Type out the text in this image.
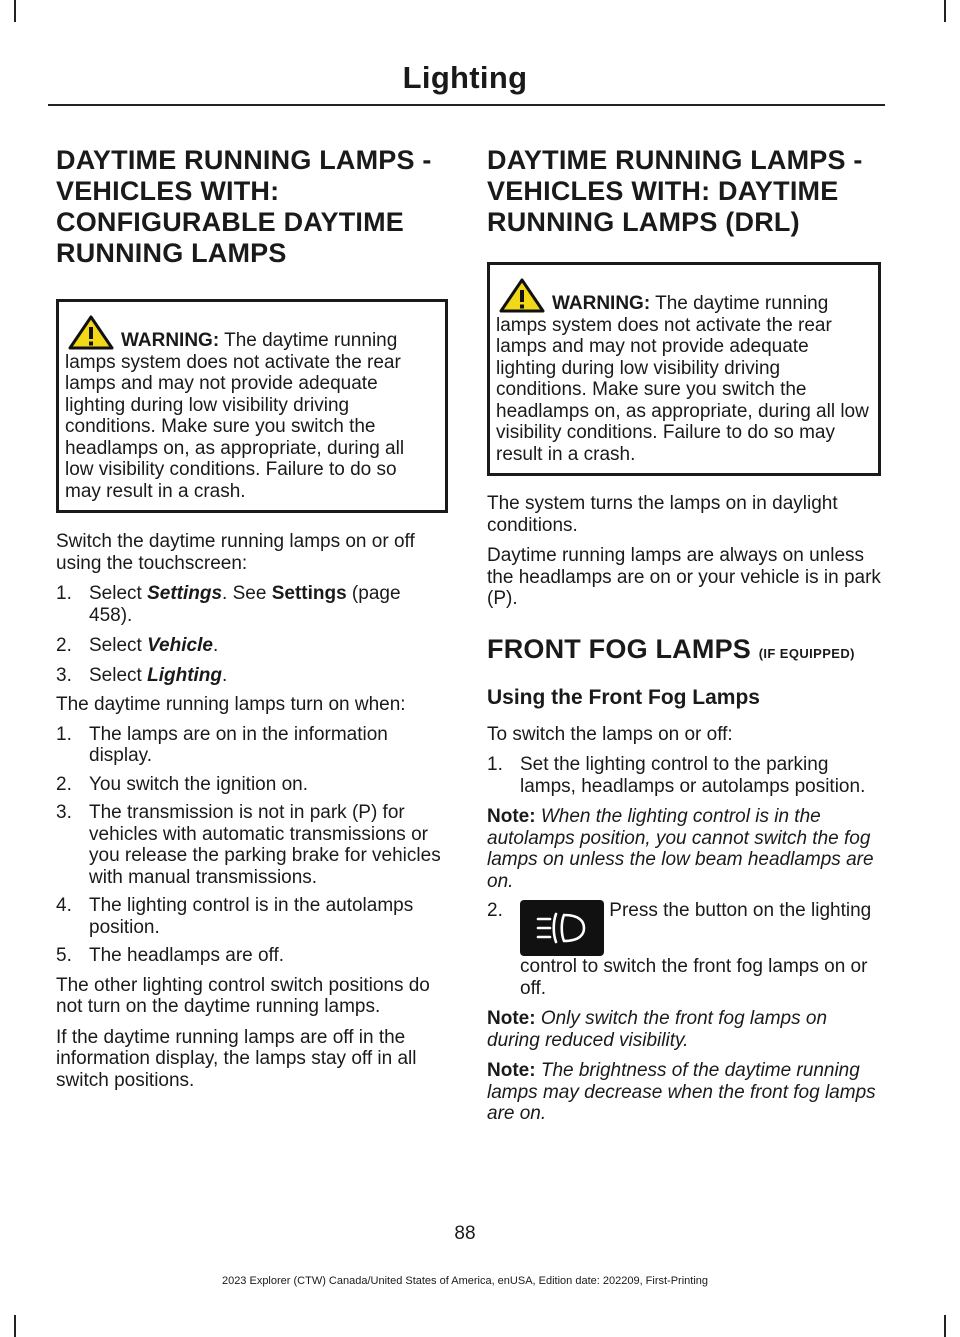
Lighting
DAYTIME RUNNING LAMPS - VEHICLES WITH: CONFIGURABLE DAYTIME RUNNING LAMPS

WARNING: The daytime running lamps system does not activate the rear lamps and may not provide adequate lighting during low visibility driving conditions. Make sure you switch the headlamps on, as appropriate, during all low visibility conditions. Failure to do so may result in a crash.

Switch the daytime running lamps on or off using the touchscreen:

1. Select Settings. See Settings (page 458).
2. Select Vehicle.
3. Select Lighting.

The daytime running lamps turn on when:

1. The lamps are on in the information display.
2. You switch the ignition on.
3. The transmission is not in park (P) for vehicles with automatic transmissions or you release the parking brake for vehicles with manual transmissions.
4. The lighting control is in the autolamps position.
5. The headlamps are off.

The other lighting control switch positions do not turn on the daytime running lamps.

If the daytime running lamps are off in the information display, the lamps stay off in all switch positions.

DAYTIME RUNNING LAMPS - VEHICLES WITH: DAYTIME RUNNING LAMPS (DRL)

WARNING: The daytime running lamps system does not activate the rear lamps and may not provide adequate lighting during low visibility driving conditions. Make sure you switch the headlamps on, as appropriate, during all low visibility conditions. Failure to do so may result in a crash.

The system turns the lamps on in daylight conditions.

Daytime running lamps are always on unless the headlamps are on or your vehicle is in park (P).

FRONT FOG LAMPS (IF EQUIPPED)
Using the Front Fog Lamps

To switch the lamps on or off:

1. Set the lighting control to the parking lamps, headlamps or autolamps position.

Note: When the lighting control is in the autolamps position, you cannot switch the fog lamps on unless the low beam headlamps are on.

2.	Press the button on the lighting control to switch the front fog lamps on or off.

Note: Only switch the front fog lamps on during reduced visibility.

Note: The brightness of the daytime running lamps may decrease when the front fog lamps are on.

88
2023 Explorer (CTW) Canada/United States of America, enUSA, Edition date: 202209, First-Printing
